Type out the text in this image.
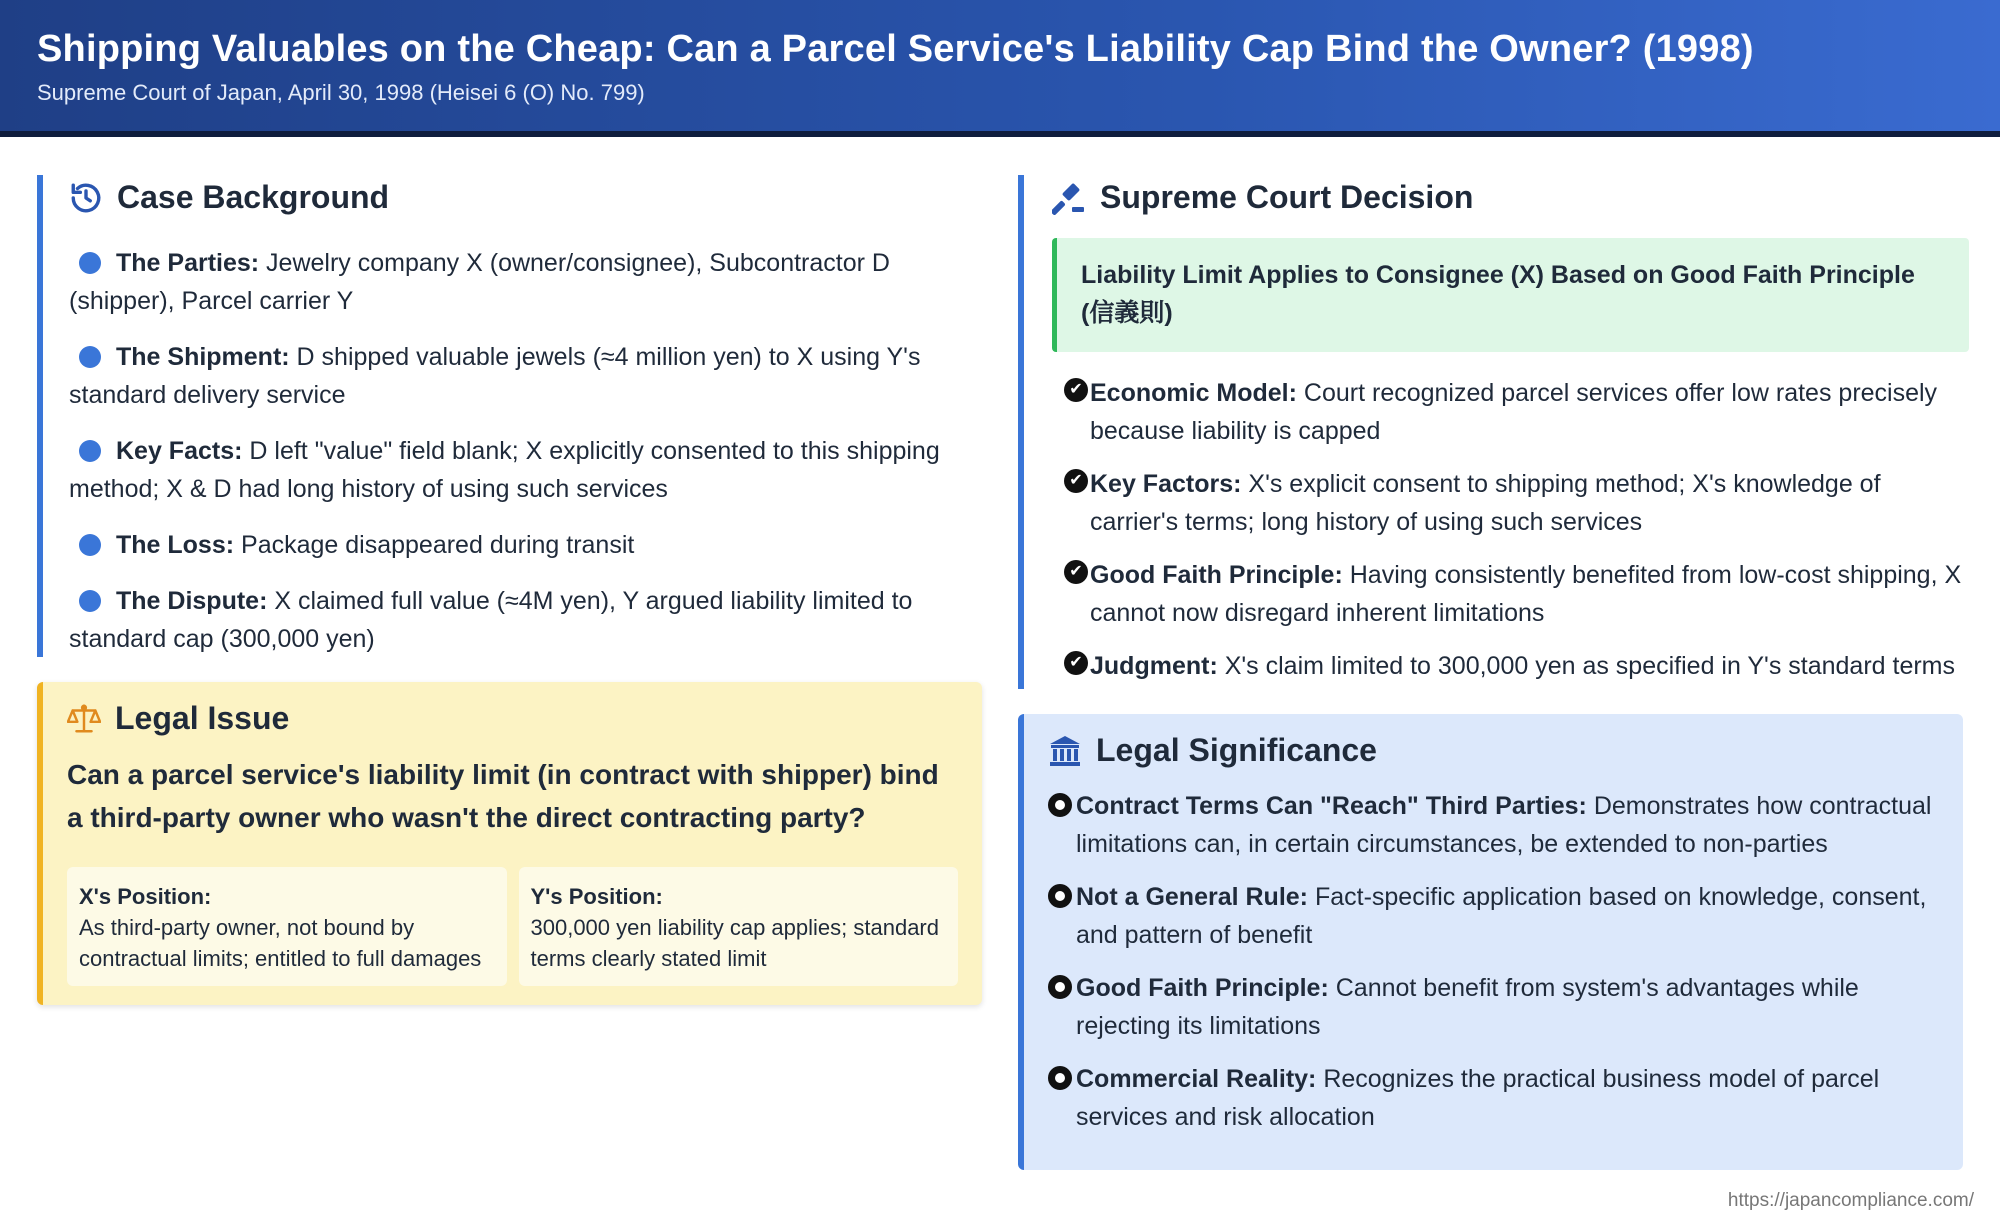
Shipping Valuables on the Cheap: Can a Parcel Service's Liability Cap Bind the Owner? (1998)
Supreme Court of Japan, April 30, 1998 (Heisei 6 (O) No. 799)
Case Background
The Parties: Jewelry company X (owner/consignee), Subcontractor D (shipper), Parcel carrier Y
The Shipment: D shipped valuable jewels (≈4 million yen) to X using Y's standard delivery service
Key Facts: D left "value" field blank; X explicitly consented to this shipping method; X & D had long history of using such services
The Loss: Package disappeared during transit
The Dispute: X claimed full value (≈4M yen), Y argued liability limited to standard cap (300,000 yen)
Legal Issue
Can a parcel service's liability limit (in contract with shipper) bind a third-party owner who wasn't the direct contracting party?
X's Position:
As third-party owner, not bound by contractual limits; entitled to full damages
Y's Position:
300,000 yen liability cap applies; standard terms clearly stated limit
Supreme Court Decision
Liability Limit Applies to Consignee (X) Based on Good Faith Principle (信義則)
✔ Economic Model: Court recognized parcel services offer low rates precisely because liability is capped
✔ Key Factors: X's explicit consent to shipping method; X's knowledge of carrier's terms; long history of using such services
✔ Good Faith Principle: Having consistently benefited from low-cost shipping, X cannot now disregard inherent limitations
✔ Judgment: X's claim limited to 300,000 yen as specified in Y's standard terms
Legal Significance
Contract Terms Can "Reach" Third Parties: Demonstrates how contractual limitations can, in certain circumstances, be extended to non-parties
Not a General Rule: Fact-specific application based on knowledge, consent, and pattern of benefit
Good Faith Principle: Cannot benefit from system's advantages while rejecting its limitations
Commercial Reality: Recognizes the practical business model of parcel services and risk allocation
https://japancompliance.com/
